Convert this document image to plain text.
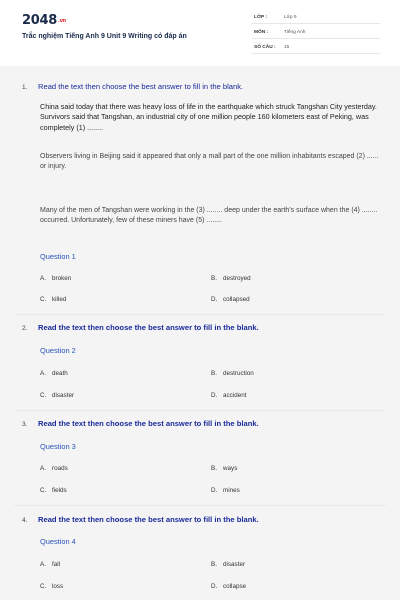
2048.vn
Trắc nghiệm Tiếng Anh 9 Unit 9 Writing có đáp án
LỚP :	Lớp 9
MÔN :	Tiếng Anh
SỐ CÂU : 15
1. Read the text then choose the best answer to fill in the blank.
China said today that there was heavy loss of life in the earthquake which struck Tangshan City yesterday. Survivors said that Tangshan, an industrial city of one million people 160 kilometers east of Peking, was completely (1) ........
Observers living in Beijing said it appeared that only a mall part of the one million inhabitants escaped (2) ...... or injury.
Many of the men of Tangshan were working in the (3) ........ deep under the earth's surface when the (4) ........ occurred. Unfortunately, few of these miners have (5) ........
Question 1
A. broken	B. destroyed
C. killed	D. collapsed
2. Read the text then choose the best answer to fill in the blank.
Question 2
A. death	B. destruction
C. disaster	D. accident
3. Read the text then choose the best answer to fill in the blank.
Question 3
A. roads	B. ways
C. fields	D. mines
4. Read the text then choose the best answer to fill in the blank.
Question 4
A. fall	B. disaster
C. loss	D. collapse
